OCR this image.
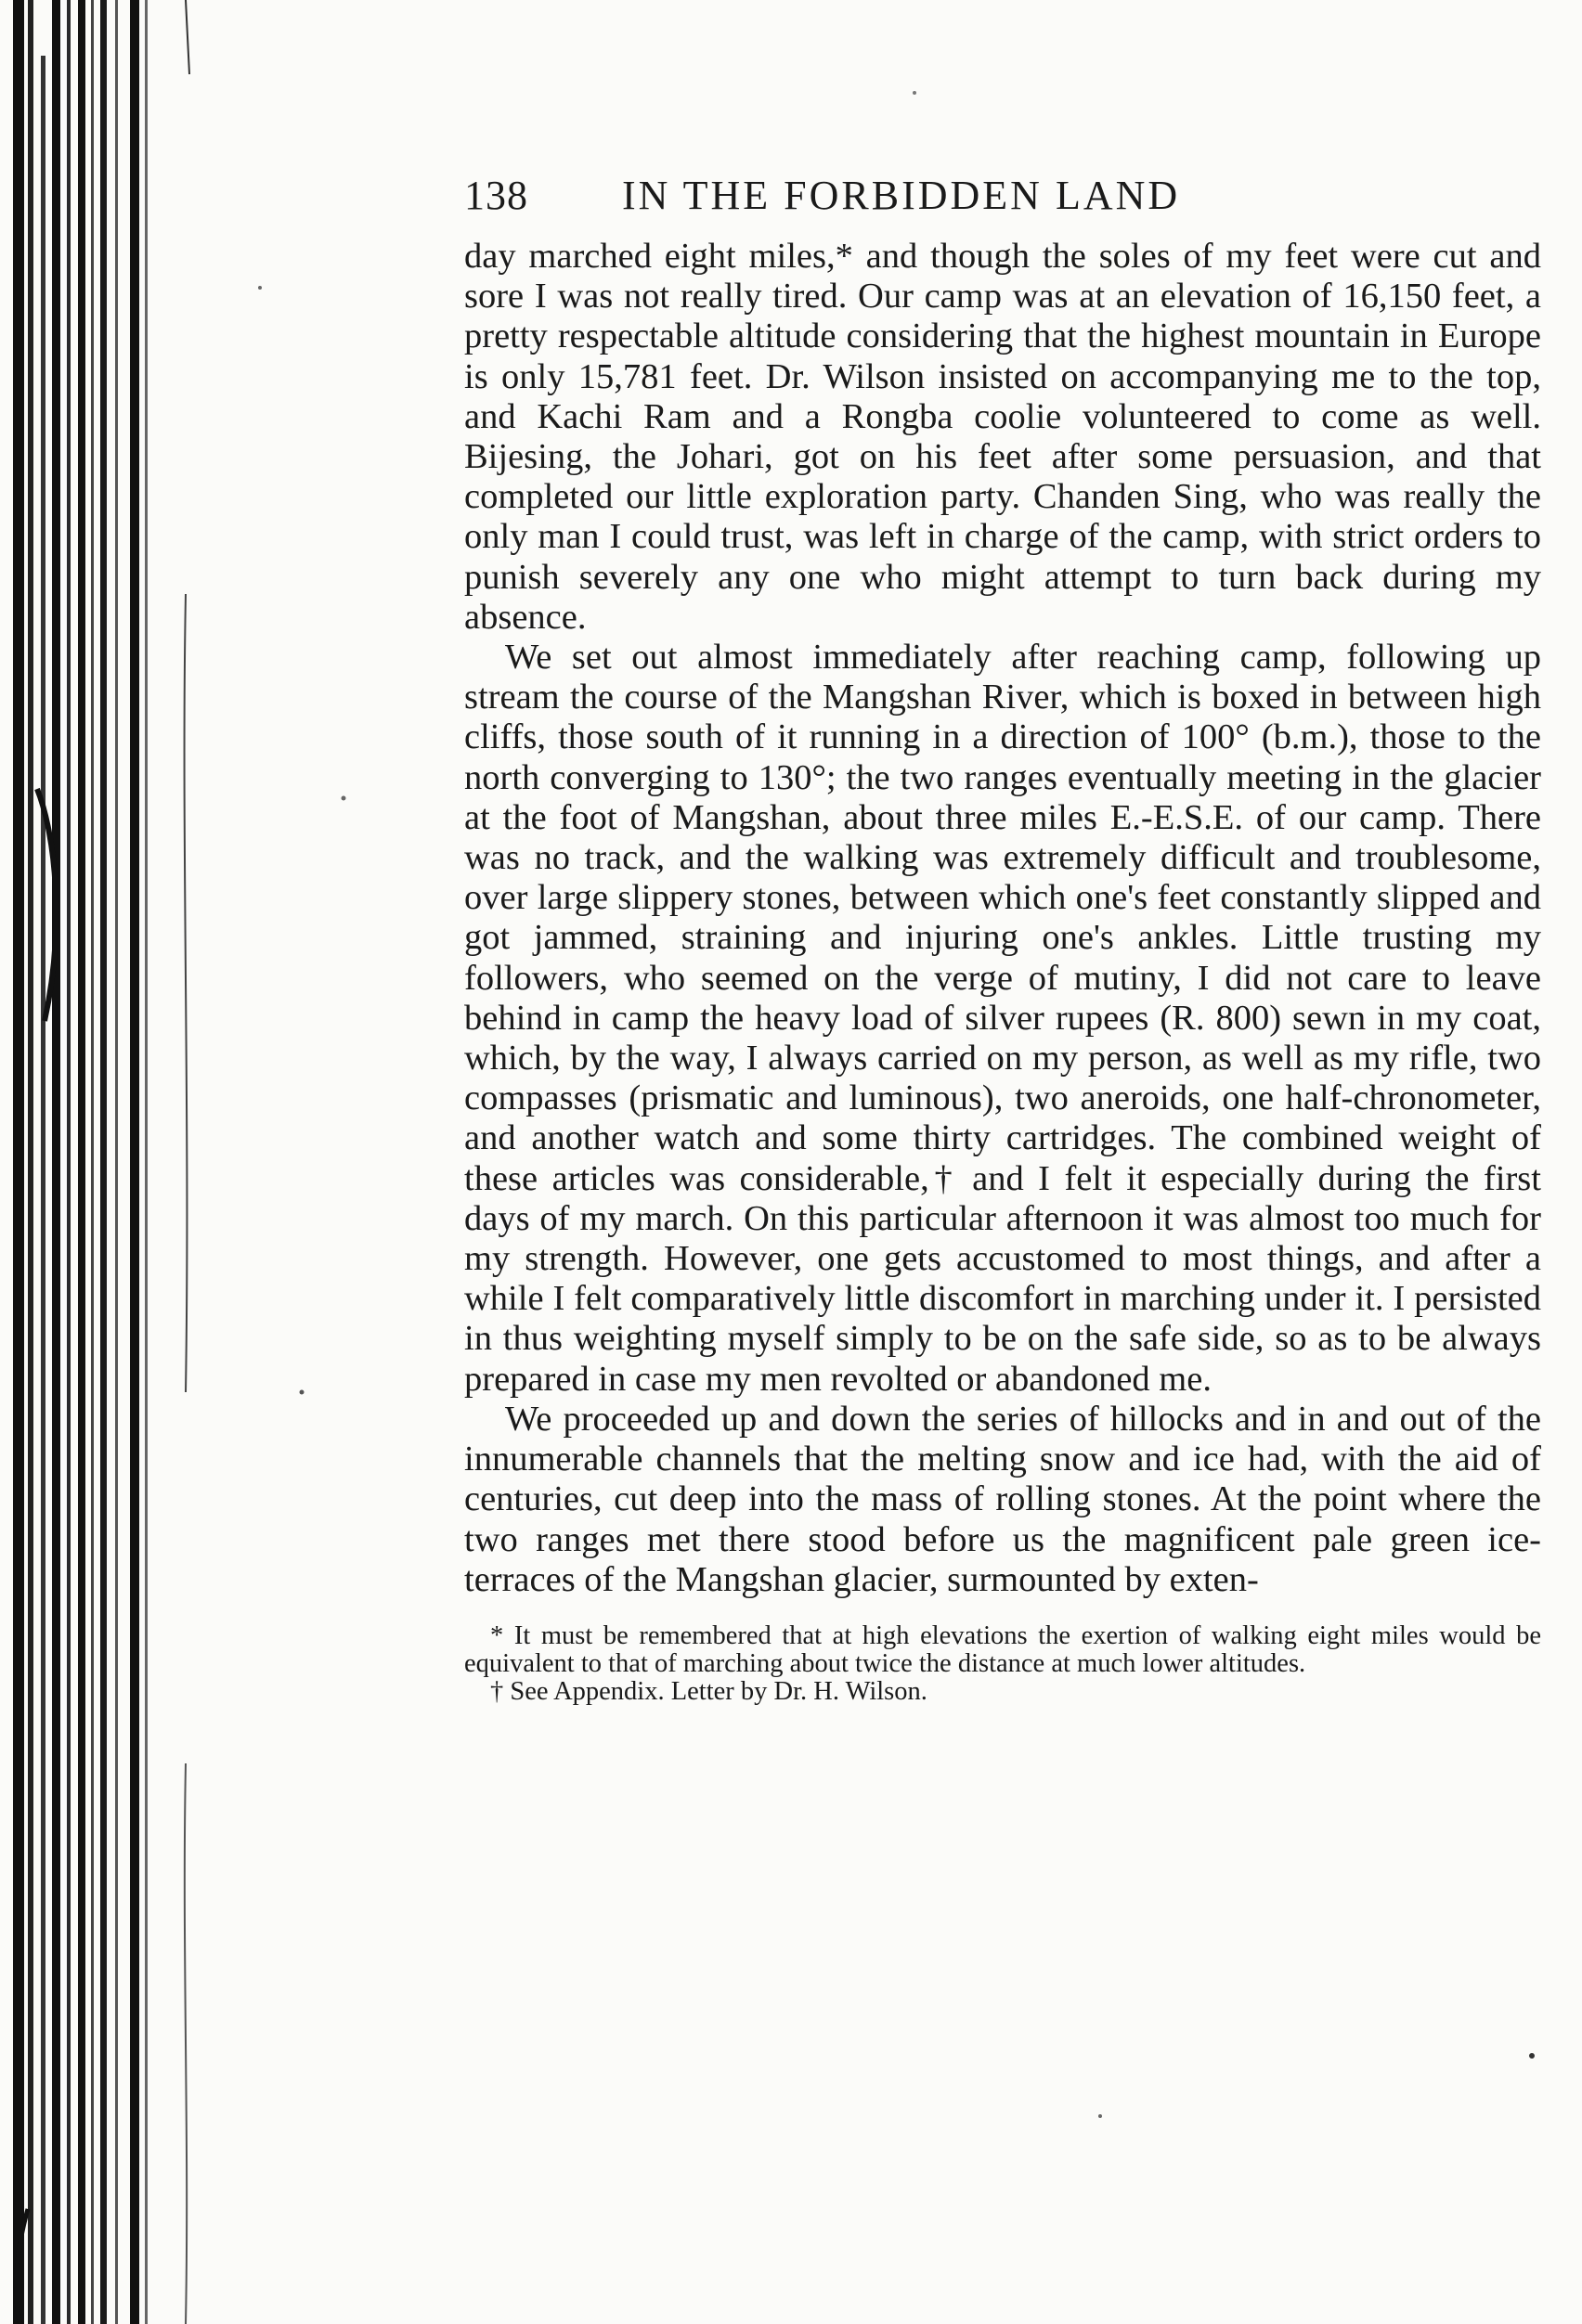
138	IN THE FORBIDDEN LAND

day marched eight miles,* and though the soles of my feet were cut and sore I was not really tired. Our camp was at an elevation of 16,150 feet, a pretty respectable altitude considering that the highest mountain in Europe is only 15,781 feet. Dr. Wilson insisted on accompanying me to the top, and Kachi Ram and a Rongba coolie volunteered to come as well. Bijesing, the Johari, got on his feet after some persuasion, and that completed our little exploration party. Chanden Sing, who was really the only man I could trust, was left in charge of the camp, with strict orders to punish severely any one who might attempt to turn back during my absence.

We set out almost immediately after reaching camp, following up stream the course of the Mangshan River, which is boxed in between high cliffs, those south of it running in a direction of 100° (b.m.), those to the north converging to 130°; the two ranges eventually meeting in the glacier at the foot of Mangshan, about three miles E.-E.S.E. of our camp. There was no track, and the walking was extremely difficult and troublesome, over large slippery stones, between which one's feet constantly slipped and got jammed, straining and injuring one's ankles. Little trusting my followers, who seemed on the verge of mutiny, I did not care to leave behind in camp the heavy load of silver rupees (R. 800) sewn in my coat, which, by the way, I always carried on my person, as well as my rifle, two compasses (prismatic and luminous), two aneroids, one half-chronometer, and another watch and some thirty cartridges. The combined weight of these articles was considerable,† and I felt it especially during the first days of my march. On this particular afternoon it was almost too much for my strength. However, one gets accustomed to most things, and after a while I felt comparatively little discomfort in marching under it. I persisted in thus weighting myself simply to be on the safe side, so as to be always prepared in case my men revolted or abandoned me.

We proceeded up and down the series of hillocks and in and out of the innumerable channels that the melting snow and ice had, with the aid of centuries, cut deep into the mass of rolling stones. At the point where the two ranges met there stood before us the magnificent pale green ice-terraces of the Mangshan glacier, surmounted by exten-

* It must be remembered that at high elevations the exertion of walking eight miles would be equivalent to that of marching about twice the distance at much lower altitudes.

† See Appendix. Letter by Dr. H. Wilson.
